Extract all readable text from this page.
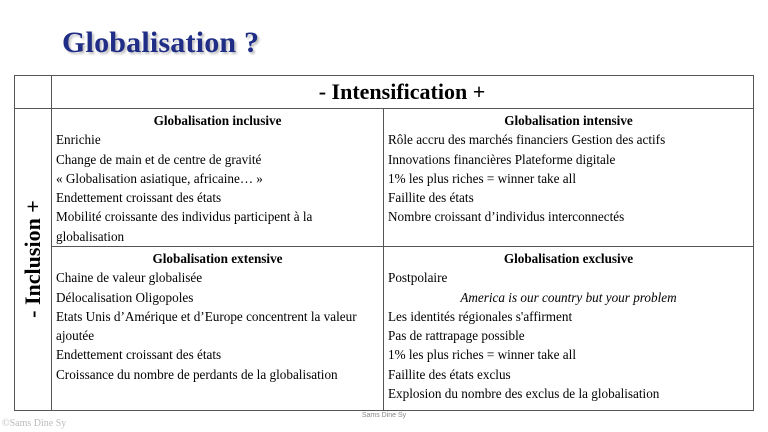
Globalisation ?
- Intensification +
- Inclusion +
Globalisation inclusive
Enrichie
Change de main et de centre de gravité
« Globalisation asiatique, africaine… »
Endettement croissant des états
Mobilité croissante des individus participent à la globalisation
Globalisation intensive
Rôle accru des marchés financiers Gestion des actifs
Innovations financières Plateforme digitale
1% les plus riches = winner take all
Faillite des états
Nombre croissant d’individus interconnectés
Globalisation extensive
Chaine de valeur globalisée
Délocalisation Oligopoles
Etats Unis d’Amérique et d’Europe concentrent la valeur ajoutée
Endettement croissant des états
Croissance du nombre de perdants de la globalisation
Globalisation exclusive
Postpolaire
America is our country but your problem
Les identités régionales s'affirment
Pas de rattrapage possible
1% les plus riches = winner take all
Faillite des états exclus
Explosion du nombre des exclus de la globalisation
Sams Dine Sy
©Sams Dine Sy
